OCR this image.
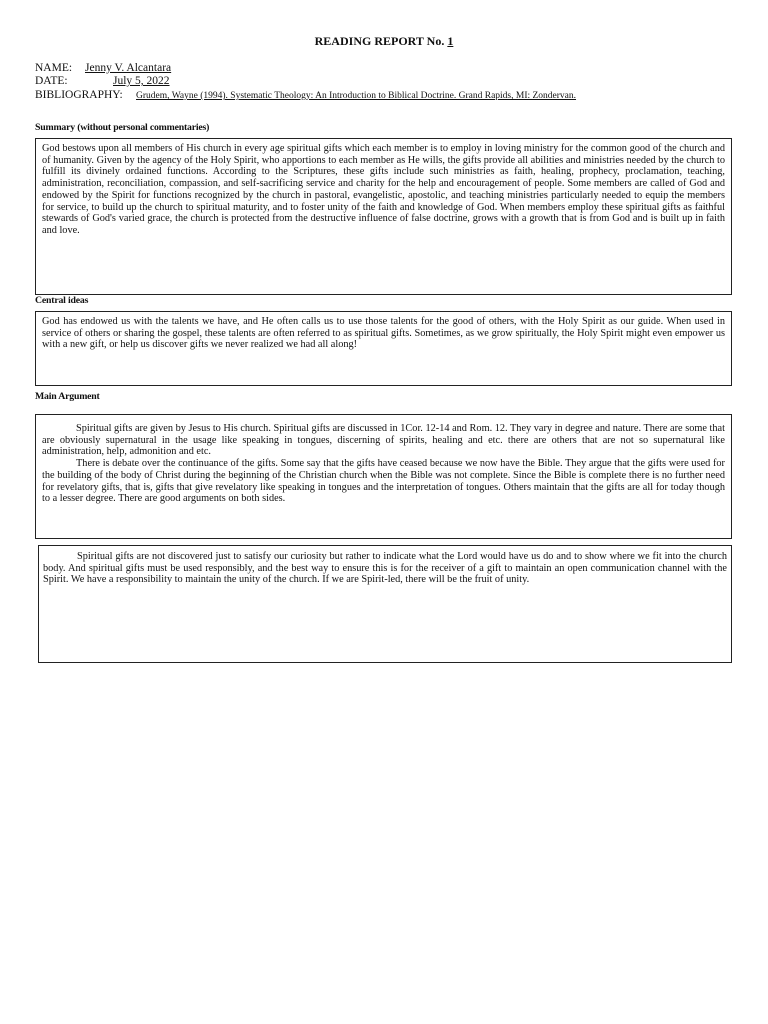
READING REPORT No. 1
NAME: Jenny V. Alcantara
DATE:	July 5, 2022
BIBLIOGRAPHY: Grudem, Wayne (1994). Systematic Theology: An Introduction to Biblical Doctrine. Grand Rapids, MI: Zondervan.
Summary (without personal commentaries)

God bestows upon all members of His church in every age spiritual gifts which each member is to employ in loving ministry for the common good of the church and of humanity. Given by the agency of the Holy Spirit, who apportions to each member as He wills, the gifts provide all abilities and ministries needed by the church to fulfill its divinely ordained functions. According to the Scriptures, these gifts include such ministries as faith, healing, prophecy, proclamation, teaching, administration, reconciliation, compassion, and self-sacrificing service and charity for the help and encouragement of people. Some members are called of God and endowed by the Spirit for functions recognized by the church in pastoral, evangelistic, apostolic, and teaching ministries particularly needed to equip the members for service, to build up the church to spiritual maturity, and to foster unity of the faith and knowledge of God. When members employ these spiritual gifts as faithful stewards of God's varied grace, the church is protected from the destructive influence of false doctrine, grows with a growth that is from God and is built up in faith and love.

Central ideas

God has endowed us with the talents we have, and He often calls us to use those talents for the good of others, with the Holy Spirit as our guide. When used in service of others or sharing the gospel, these talents are often referred to as spiritual gifts. Sometimes, as we grow spiritually, the Holy Spirit might even empower us with a new gift, or help us discover gifts we never realized we had all along!

Main Argument

Spiritual gifts are given by Jesus to His church. Spiritual gifts are discussed in 1Cor. 12-14 and Rom. 12. They vary in degree and nature. There are some that are obviously supernatural in the usage like speaking in tongues, discerning of spirits, healing and etc. there are others that are not so supernatural like administration, help, admonition and etc.

There is debate over the continuance of the gifts. Some say that the gifts have ceased because we now have the Bible. They argue that the gifts were used for the building of the body of Christ during the beginning of the Christian church when the Bible was not complete. Since the Bible is complete there is no further need for revelatory gifts, that is, gifts that give revelatory like speaking in tongues and the interpretation of tongues. Others maintain that the gifts are all for today though to a lesser degree. There are good arguments on both sides.

Spiritual gifts are not discovered just to satisfy our curiosity but rather to indicate what the Lord would have us do and to show where we fit into the church body. And spiritual gifts must be used responsibly, and the best way to ensure this is for the receiver of a gift to maintain an open communication channel with the Spirit. We have a responsibility to maintain the unity of the church. If we are Spirit-led, there will be the fruit of unity.
